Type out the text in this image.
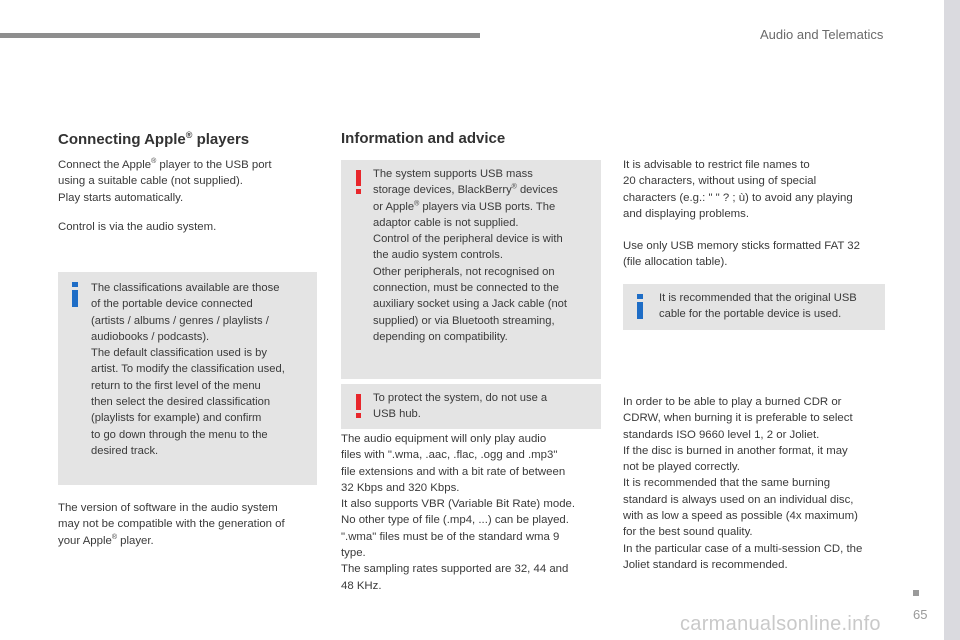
Audio and Telematics
Connecting Apple® players
Connect the Apple® player to the USB port
using a suitable cable (not supplied).
Play starts automatically.
Control is via the audio system.
The classifications available are those
of the portable device connected
(artists / albums / genres / playlists /
audiobooks / podcasts).
The default classification used is by
artist. To modify the classification used,
return to the first level of the menu
then select the desired classification
(playlists for example) and confirm
to go down through the menu to the
desired track.
The version of software in the audio system
may not be compatible with the generation of
your Apple® player.
Information and advice
The system supports USB mass
storage devices, BlackBerry® devices
or Apple® players via USB ports. The
adaptor cable is not supplied.
Control of the peripheral device is with
the audio system controls.
Other peripherals, not recognised on
connection, must be connected to the
auxiliary socket using a Jack cable (not
supplied) or via Bluetooth streaming,
depending on compatibility.
To protect the system, do not use a
USB hub.
The audio equipment will only play audio
files with ".wma, .aac, .flac, .ogg and .mp3"
file extensions and with a bit rate of between
32 Kbps and 320 Kbps.
It also supports VBR (Variable Bit Rate) mode.
No other type of file (.mp4, ...) can be played.
".wma" files must be of the standard wma 9
type.
The sampling rates supported are 32, 44 and
48 KHz.
It is advisable to restrict file names to
20 characters, without using of special
characters (e.g.: " " ? ; ù) to avoid any playing
and displaying problems.
Use only USB memory sticks formatted FAT 32
(file allocation table).
It is recommended that the original USB
cable for the portable device is used.
In order to be able to play a burned CDR or
CDRW, when burning it is preferable to select
standards ISO 9660 level 1, 2 or Joliet.
If the disc is burned in another format, it may
not be played correctly.
It is recommended that the same burning
standard is always used on an individual disc,
with as low a speed as possible (4x maximum)
for the best sound quality.
In the particular case of a multi-session CD, the
Joliet standard is recommended.
65
carmanualsonline.info
